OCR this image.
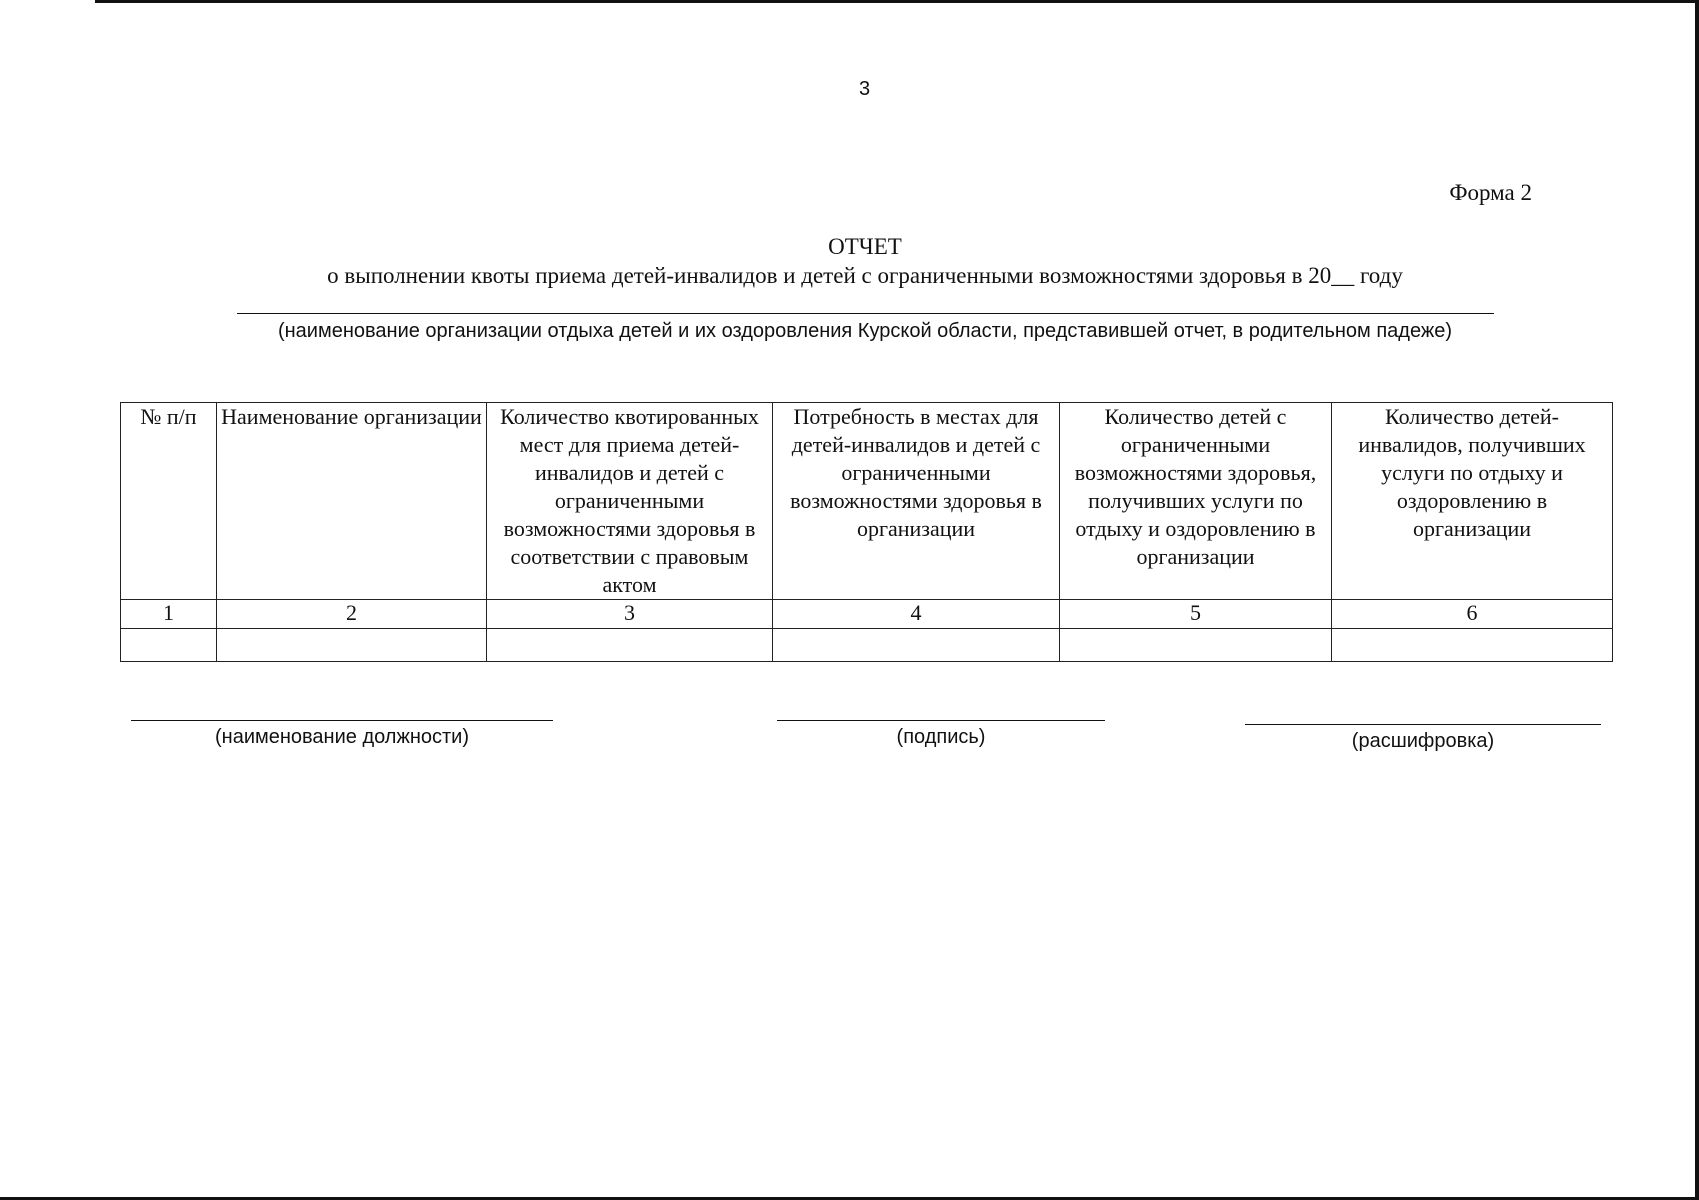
3
Форма 2
ОТЧЕТ
о выполнении квоты приема детей-инвалидов и детей с ограниченными возможностями здоровья в 20__ году
(наименование организации отдыха детей и их оздоровления Курской области, представившей отчет, в родительном падеже)
№ п/п	Наименование организации	Количество квотированных мест для приема детей-инвалидов и детей с ограниченными возможностями здоровья в соответствии с правовым актом	Потребность в местах для детей-инвалидов и детей с ограниченными возможностями здоровья в организации	Количество детей с ограниченными возможностями здоровья, получивших услуги по отдыху и оздоровлению в организации	Количество детей-инвалидов, получивших услуги по отдыху и оздоровлению в организации
1	2	3	4	5	6

(наименование должности)	(подпись)	(расшифровка)
